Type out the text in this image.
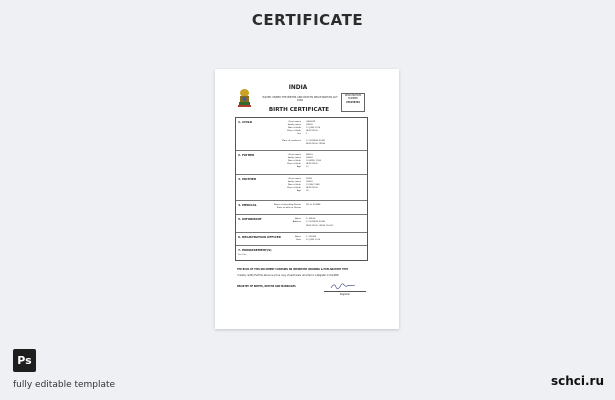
CERTIFICATE
INDIA
ISSUED UNDER THE BIRTHS AND DEATHS REGISTRATION ACT 1969
REGISTRATION NUMBER
978156339
BIRTH CERTIFICATE
1. CHILD	Given name LAKSHMI
Family name SINGH
Date of birth 12 JUNE 2016
Place of birth NEW DELHI
Sex F
Place of residence 12 SUNRISE ROAD
NEW DELHI, INDIA
2. FATHER	Given name RAHUL
Family name SINGH
Date of birth 01 APRIL 1985
Place of birth NEW DELHI
Age 31
3. MOTHER	Given name PRIYA
Family name SINGH
Date of birth 15 MAY 1988
Place of birth NEW DELHI
Age 28
4. MEDICAL	Name of attending Doctor DR. A. KUMAR
Place of birth or Doctor
5. INFORMANT	Name R. SINGH
Address 12 SUNRISE ROAD
NEW DELHI, INDIA 110001
6. REGISTRATION OFFICER	Name S. VERMA
Date 20 JUNE 2016
7. ENDORSEMENT(S)
See filer
THE BACK OF THIS DOCUMENT CONTAINS AN IMPORTANT WARNING & EXPLANATORY TEXT
I hereby certify that the above is a true copy of particulars recorded in a Register in the RBD.
REGISTRY OF BIRTHS, DEATHS AND MARRIAGES
Registrar
Ps
fully editable template	schci.ru
